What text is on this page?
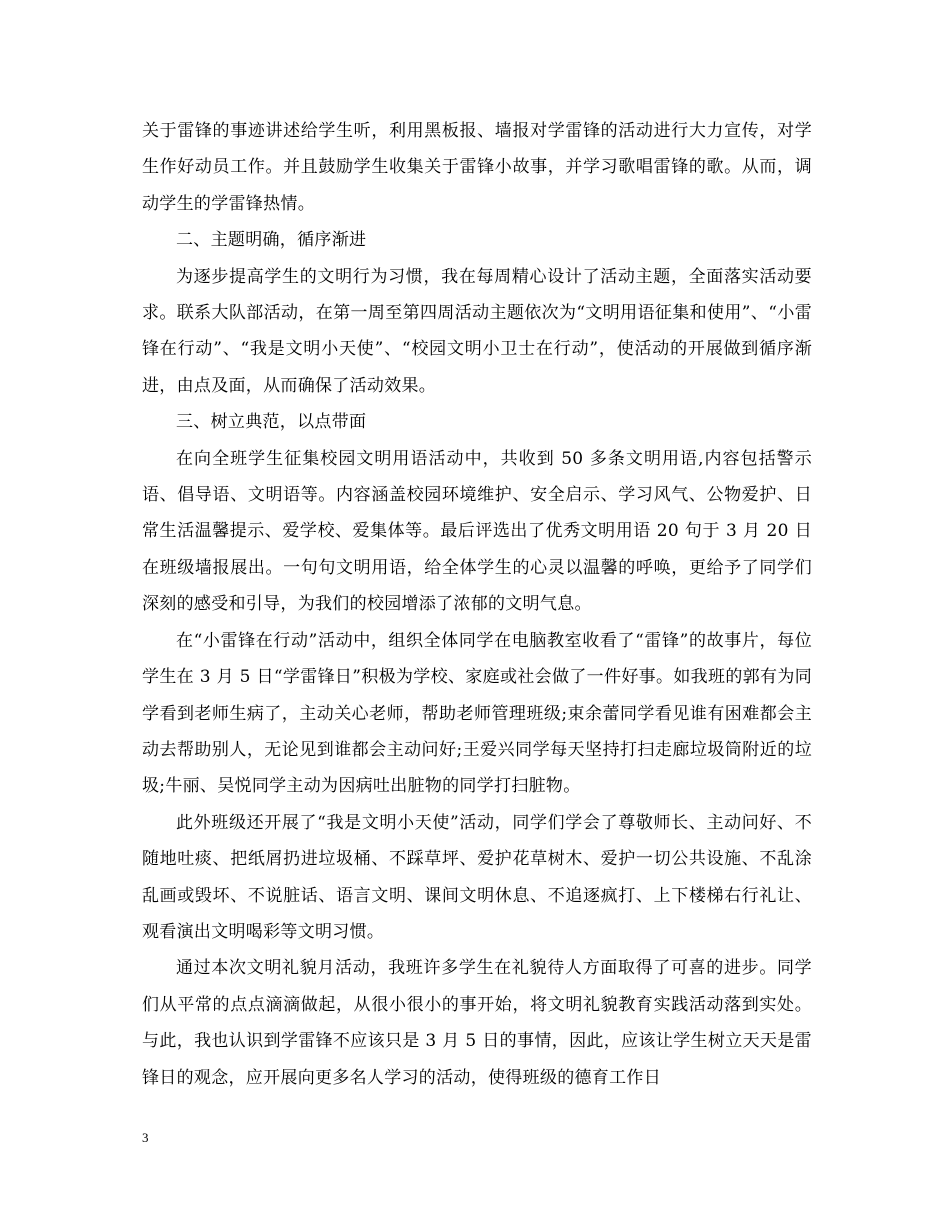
关于雷锋的事迹讲述给学生听，利用黑板报、墙报对学雷锋的活动进行大力宣传，对学生作好动员工作。并且鼓励学生收集关于雷锋小故事，并学习歌唱雷锋的歌。从而，调动学生的学雷锋热情。

二、主题明确，循序渐进

为逐步提高学生的文明行为习惯，我在每周精心设计了活动主题，全面落实活动要求。联系大队部活动，在第一周至第四周活动主题依次为“文明用语征集和使用”、“小雷锋在行动”、“我是文明小天使”、“校园文明小卫士在行动”，使活动的开展做到循序渐进，由点及面，从而确保了活动效果。

三、树立典范，以点带面

在向全班学生征集校园文明用语活动中，共收到 50 多条文明用语,内容包括警示语、倡导语、文明语等。内容涵盖校园环境维护、安全启示、学习风气、公物爱护、日常生活温馨提示、爱学校、爱集体等。最后评选出了优秀文明用语 20 句于 3 月 20 日在班级墙报展出。一句句文明用语，给全体学生的心灵以温馨的呼唤，更给予了同学们深刻的感受和引导，为我们的校园增添了浓郁的文明气息。

在“小雷锋在行动”活动中，组织全体同学在电脑教室收看了“雷锋”的故事片，每位学生在 3 月 5 日“学雷锋日”积极为学校、家庭或社会做了一件好事。如我班的郭有为同学看到老师生病了，主动关心老师，帮助老师管理班级;束余蕾同学看见谁有困难都会主动去帮助别人，无论见到谁都会主动问好;王爱兴同学每天坚持打扫走廊垃圾筒附近的垃圾;牛丽、吴悦同学主动为因病吐出脏物的同学打扫脏物。

此外班级还开展了“我是文明小天使”活动，同学们学会了尊敬师长、主动问好、不随地吐痰、把纸屑扔进垃圾桶、不踩草坪、爱护花草树木、爱护一切公共设施、不乱涂乱画或毁坏、不说脏话、语言文明、课间文明休息、不追逐疯打、上下楼梯右行礼让、观看演出文明喝彩等文明习惯。

通过本次文明礼貌月活动，我班许多学生在礼貌待人方面取得了可喜的进步。同学们从平常的点点滴滴做起，从很小很小的事开始，将文明礼貌教育实践活动落到实处。与此，我也认识到学雷锋不应该只是 3 月 5 日的事情，因此，应该让学生树立天天是雷锋日的观念，应开展向更多名人学习的活动，使得班级的德育工作日

3
